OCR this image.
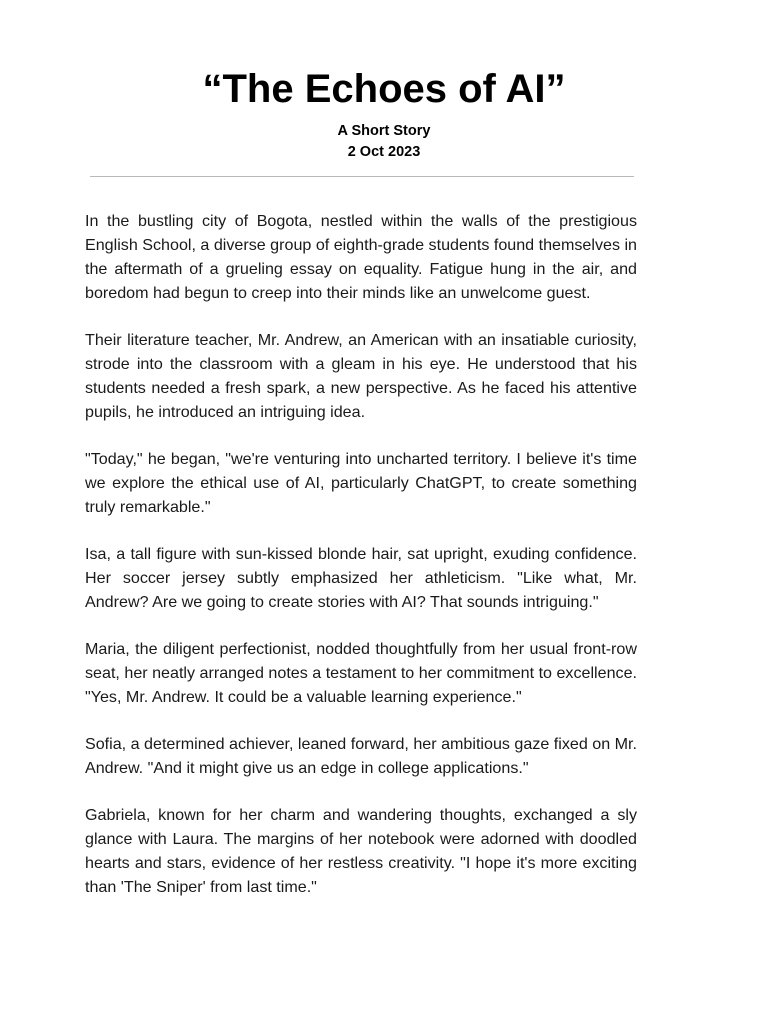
“The Echoes of AI”
A Short Story
2 Oct 2023

In the bustling city of Bogota, nestled within the walls of the prestigious English School, a diverse group of eighth-grade students found themselves in the aftermath of a grueling essay on equality. Fatigue hung in the air, and boredom had begun to creep into their minds like an unwelcome guest.

Their literature teacher, Mr. Andrew, an American with an insatiable curiosity, strode into the classroom with a gleam in his eye. He understood that his students needed a fresh spark, a new perspective. As he faced his attentive pupils, he introduced an intriguing idea.

"Today," he began, "we're venturing into uncharted territory. I believe it's time we explore the ethical use of AI, particularly ChatGPT, to create something truly remarkable."

Isa, a tall figure with sun-kissed blonde hair, sat upright, exuding confidence. Her soccer jersey subtly emphasized her athleticism. "Like what, Mr. Andrew? Are we going to create stories with AI? That sounds intriguing."

Maria, the diligent perfectionist, nodded thoughtfully from her usual front-row seat, her neatly arranged notes a testament to her commitment to excellence. "Yes, Mr. Andrew. It could be a valuable learning experience."

Sofia, a determined achiever, leaned forward, her ambitious gaze fixed on Mr. Andrew. "And it might give us an edge in college applications."

Gabriela, known for her charm and wandering thoughts, exchanged a sly glance with Laura. The margins of her notebook were adorned with doodled hearts and stars, evidence of her restless creativity. "I hope it's more exciting than 'The Sniper' from last time."
